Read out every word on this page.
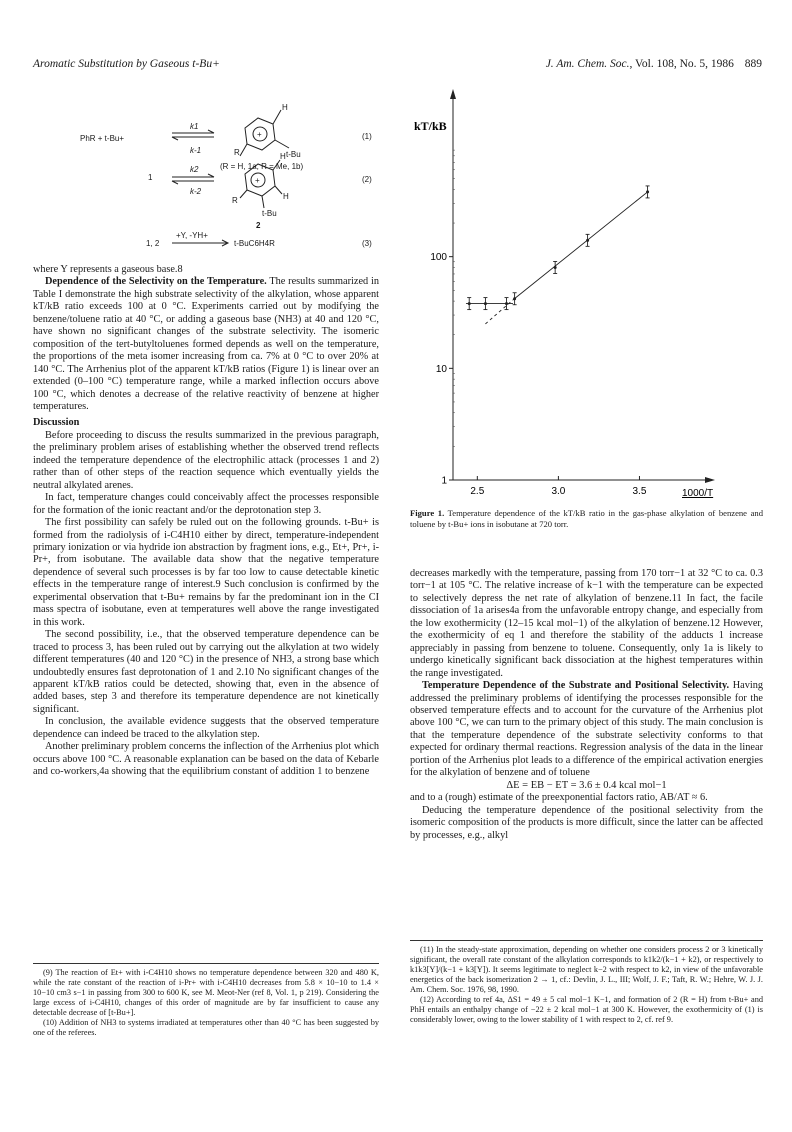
Aromatic Substitution by Gaseous t-Bu+	J. Am. Chem. Soc., Vol. 108, No. 5, 1986 889
PhR + t-Bu+
k1
k-1
+
+
R	t-Bu
H
(R = H, 1a, R = Me, 1b)
(1)
1
k2
k-2
H
H
R
t-Bu
2
(2)
1, 2
+Y, -YH+
t-BuC6H4R	(3)

where Y represents a gaseous base.8

Dependence of the Selectivity on the Temperature. The results summarized in Table I demonstrate the high substrate selectivity of the alkylation, whose apparent kT/kB ratio exceeds 100 at 0 °C. Experiments carried out by modifying the benzene/toluene ratio at 40 °C, or adding a gaseous base (NH3) at 40 and 120 °C, have shown no significant changes of the substrate selectivity. The isomeric composition of the tert-butyltoluenes formed depends as well on the temperature, the proportions of the meta isomer increasing from ca. 7% at 0 °C to over 20% at 140 °C. The Arrhenius plot of the apparent kT/kB ratios (Figure 1) is linear over an extended (0–100 °C) temperature range, while a marked inflection occurs above 100 °C, which denotes a decrease of the relative reactivity of benzene at higher temperatures.

Discussion

Before proceeding to discuss the results summarized in the previous paragraph, the preliminary problem arises of establishing whether the observed trend reflects indeed the temperature dependence of the electrophilic attack (processes 1 and 2) rather than of other steps of the reaction sequence which eventually yields the neutral alkylated arenes.

In fact, temperature changes could conceivably affect the processes responsible for the formation of the ionic reactant and/or the deprotonation step 3.

The first possibility can safely be ruled out on the following grounds. t-Bu+ is formed from the radiolysis of i-C4H10 either by direct, temperature-independent primary ionization or via hydride ion abstraction by fragment ions, e.g., Et+, Pr+, i-Pr+, from isobutane. The available data show that the negative temperature dependence of several such processes is by far too low to cause detectable kinetic effects in the temperature range of interest.9 Such conclusion is confirmed by the experimental observation that t-Bu+ remains by far the predominant ion in the CI mass spectra of isobutane, even at temperatures well above the range investigated in this work.

The second possibility, i.e., that the observed temperature dependence can be traced to process 3, has been ruled out by carrying out the alkylation at two widely different temperatures (40 and 120 °C) in the presence of NH3, a strong base which undoubtedly ensures fast deprotonation of 1 and 2.10 No significant changes of the apparent kT/kB ratios could be detected, showing that, even in the absence of added bases, step 3 and therefore its temperature dependence are not kinetically significant.

In conclusion, the available evidence suggests that the observed temperature dependence can indeed be traced to the alkylation step.

Another preliminary problem concerns the inflection of the Arrhenius plot which occurs above 100 °C. A reasonable explanation can be based on the data of Kebarle and co-workers,4a showing that the equilibrium constant of addition 1 to benzene

kT/kB
1000/T
1
10
100
2.5	3.0	3.5
Figure 1. Temperature dependence of the kT/kB ratio in the gas-phase alkylation of benzene and toluene by t-Bu+ ions in isobutane at 720 torr.

decreases markedly with the temperature, passing from 170 torr−1 at 32 °C to ca. 0.3 torr−1 at 105 °C. The relative increase of k−1 with the temperature can be expected to selectively depress the net rate of alkylation of benzene.11 In fact, the facile dissociation of 1a arises4a from the unfavorable entropy change, and especially from the low exothermicity (12–15 kcal mol−1) of the alkylation of benzene.12 However, the exothermicity of eq 1 and therefore the stability of the adducts 1 increase appreciably in passing from benzene to toluene. Consequently, only 1a is likely to undergo kinetically significant back dissociation at the highest temperatures within the range investigated.

Temperature Dependence of the Substrate and Positional Selectivity. Having addressed the preliminary problems of identifying the processes responsible for the observed temperature effects and to account for the curvature of the Arrhenius plot above 100 °C, we can turn to the primary object of this study. The main conclusion is that the temperature dependence of the substrate selectivity conforms to that expected for ordinary thermal reactions. Regression analysis of the data in the linear portion of the Arrhenius plot leads to a difference of the empirical activation energies for the alkylation of benzene and of toluene

ΔE = EB − ET = 3.6 ± 0.4 kcal mol−1

and to a (rough) estimate of the preexponential factors ratio, AB/AT ≈ 6.

Deducing the temperature dependence of the positional selectivity from the isomeric composition of the products is more difficult, since the latter can be affected by processes, e.g., alkyl

(9) The reaction of Et+ with i-C4H10 shows no temperature dependence between 320 and 480 K, while the rate constant of the reaction of i-Pr+ with i-C4H10 decreases from 5.8 × 10−10 to 1.4 × 10−10 cm3 s−1 in passing from 300 to 600 K, see M. Meot-Ner (ref 8, Vol. 1, p 219). Considering the large excess of i-C4H10, changes of this order of magnitude are by far insufficient to cause any detectable decrease of [t-Bu+].

(10) Addition of NH3 to systems irradiated at temperatures other than 40 °C has been suggested by one of the referees.

(11) In the steady-state approximation, depending on whether one considers process 2 or 3 kinetically significant, the overall rate constant of the alkylation corresponds to k1k2/(k−1 + k2), or respectively to k1k3[Y]/(k−1 + k3[Y]). It seems legitimate to neglect k−2 with respect to k2, in view of the unfavorable energetics of the back isomerization 2 → 1, cf.: Devlin, J. L., III; Wolf, J. F.; Taft, R. W.; Hehre, W. J. J. Am. Chem. Soc. 1976, 98, 1990.

(12) According to ref 4a, ΔS1 = 49 ± 5 cal mol−1 K−1, and formation of 2 (R = H) from t-Bu+ and PhH entails an enthalpy change of −22 ± 2 kcal mol−1 at 300 K. However, the exothermicity of (1) is considerably lower, owing to the lower stability of 1 with respect to 2, cf. ref 9.
